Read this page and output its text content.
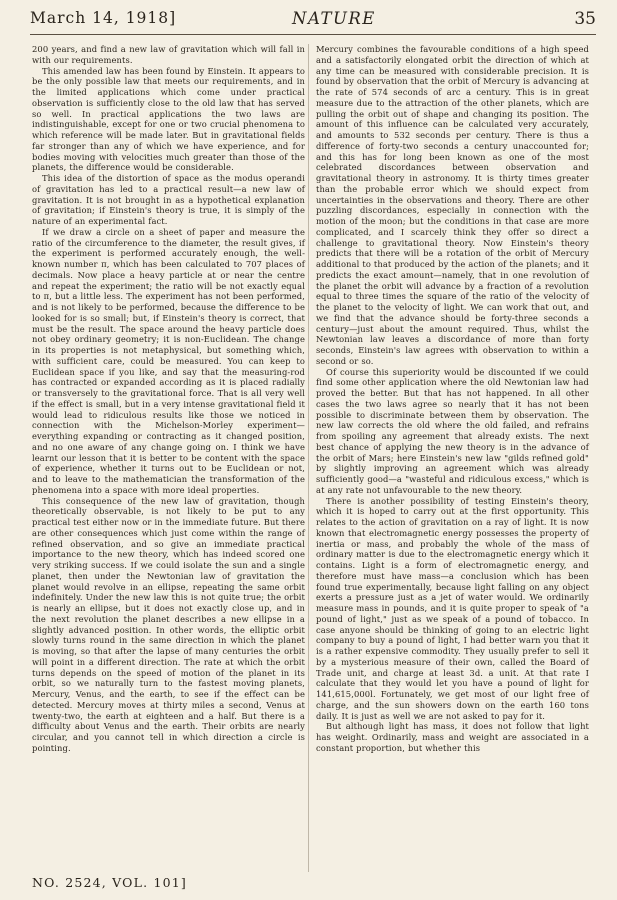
March 14, 1918]	NATURE	35

200 years, and find a new law of gravitation which will fall in with our requirements.

This amended law has been found by Einstein. It appears to be the only possible law that meets our requirements, and in the limited applications which come under practical observation is sufficiently close to the old law that has served so well. In practical applications the two laws are indistinguishable, except for one or two crucial phenomena to which reference will be made later. But in gravitational fields far stronger than any of which we have experience, and for bodies moving with velocities much greater than those of the planets, the difference would be considerable.

This idea of the distortion of space as the modus operandi of gravitation has led to a practical result—a new law of gravitation. It is not brought in as a hypothetical explanation of gravitation; if Einstein's theory is true, it is simply of the nature of an experimental fact.

If we draw a circle on a sheet of paper and measure the ratio of the circumference to the diameter, the result gives, if the experiment is performed accurately enough, the well-known number π, which has been calculated to 707 places of decimals. Now place a heavy particle at or near the centre and repeat the experiment; the ratio will be not exactly equal to π, but a little less. The experiment has not been performed, and is not likely to be performed, because the difference to be looked for is so small; but, if Einstein's theory is correct, that must be the result. The space around the heavy particle does not obey ordinary geometry; it is non-Euclidean. The change in its properties is not metaphysical, but something which, with sufficient care, could be measured. You can keep to Euclidean space if you like, and say that the measuring-rod has contracted or expanded according as it is placed radially or transversely to the gravitational force. That is all very well if the effect is small, but in a very intense gravitational field it would lead to ridiculous results like those we noticed in connection with the Michelson-Morley experiment—everything expanding or contracting as it changed position, and no one aware of any change going on. I think we have learnt our lesson that it is better to be content with the space of experience, whether it turns out to be Euclidean or not, and to leave to the mathematician the transformation of the phenomena into a space with more ideal properties.

This consequence of the new law of gravitation, though theoretically observable, is not likely to be put to any practical test either now or in the immediate future. But there are other consequences which just come within the range of refined observation, and so give an immediate practical importance to the new theory, which has indeed scored one very striking success. If we could isolate the sun and a single planet, then under the Newtonian law of gravitation the planet would revolve in an ellipse, repeating the same orbit indefinitely. Under the new law this is not quite true; the orbit is nearly an ellipse, but it does not exactly close up, and in the next revolution the planet describes a new ellipse in a slightly advanced position. In other words, the elliptic orbit slowly turns round in the same direction in which the planet is moving, so that after the lapse of many centuries the orbit will point in a different direction. The rate at which the orbit turns depends on the speed of motion of the planet in its orbit, so we naturally turn to the fastest moving planets, Mercury, Venus, and the earth, to see if the effect can be detected. Mercury moves at thirty miles a second, Venus at twenty-two, the earth at eighteen and a half. But there is a difficulty about Venus and the earth. Their orbits are nearly circular, and you cannot tell in which direction a circle is pointing.

Mercury combines the favourable conditions of a high speed and a satisfactorily elongated orbit the direction of which at any time can be measured with considerable precision. It is found by observation that the orbit of Mercury is advancing at the rate of 574 seconds of arc a century. This is in great measure due to the attraction of the other planets, which are pulling the orbit out of shape and changing its position. The amount of this influence can be calculated very accurately, and amounts to 532 seconds per century. There is thus a difference of forty-two seconds a century unaccounted for; and this has for long been known as one of the most celebrated discordances between observation and gravitational theory in astronomy. It is thirty times greater than the probable error which we should expect from uncertainties in the observations and theory. There are other puzzling discordances, especially in connection with the motion of the moon; but the conditions in that case are more complicated, and I scarcely think they offer so direct a challenge to gravitational theory. Now Einstein's theory predicts that there will be a rotation of the orbit of Mercury additional to that produced by the action of the planets; and it predicts the exact amount—namely, that in one revolution of the planet the orbit will advance by a fraction of a revolution equal to three times the square of the ratio of the velocity of the planet to the velocity of light. We can work that out, and we find that the advance should be forty-three seconds a century—just about the amount required. Thus, whilst the Newtonian law leaves a discordance of more than forty seconds, Einstein's law agrees with observation to within a second or so.

Of course this superiority would be discounted if we could find some other application where the old Newtonian law had proved the better. But that has not happened. In all other cases the two laws agree so nearly that it has not been possible to discriminate between them by observation. The new law corrects the old where the old failed, and refrains from spoiling any agreement that already exists. The next best chance of applying the new theory is in the advance of the orbit of Mars; here Einstein's new law "gilds refined gold" by slightly improving an agreement which was already sufficiently good—a "wasteful and ridiculous excess," which is at any rate not unfavourable to the new theory.

There is another possibility of testing Einstein's theory, which it is hoped to carry out at the first opportunity. This relates to the action of gravitation on a ray of light. It is now known that electromagnetic energy possesses the property of inertia or mass, and probably the whole of the mass of ordinary matter is due to the electromagnetic energy which it contains. Light is a form of electromagnetic energy, and therefore must have mass—a conclusion which has been found true experimentally, because light falling on any object exerts a pressure just as a jet of water would. We ordinarily measure mass in pounds, and it is quite proper to speak of "a pound of light," just as we speak of a pound of tobacco. In case anyone should be thinking of going to an electric light company to buy a pound of light, I had better warn you that it is a rather expensive commodity. They usually prefer to sell it by a mysterious measure of their own, called the Board of Trade unit, and charge at least 3d. a unit. At that rate I calculate that they would let you have a pound of light for 141,615,000l. Fortunately, we get most of our light free of charge, and the sun showers down on the earth 160 tons daily. It is just as well we are not asked to pay for it.

But although light has mass, it does not follow that light has weight. Ordinarily, mass and weight are associated in a constant proportion, but whether this

NO. 2524, VOL. 101]
